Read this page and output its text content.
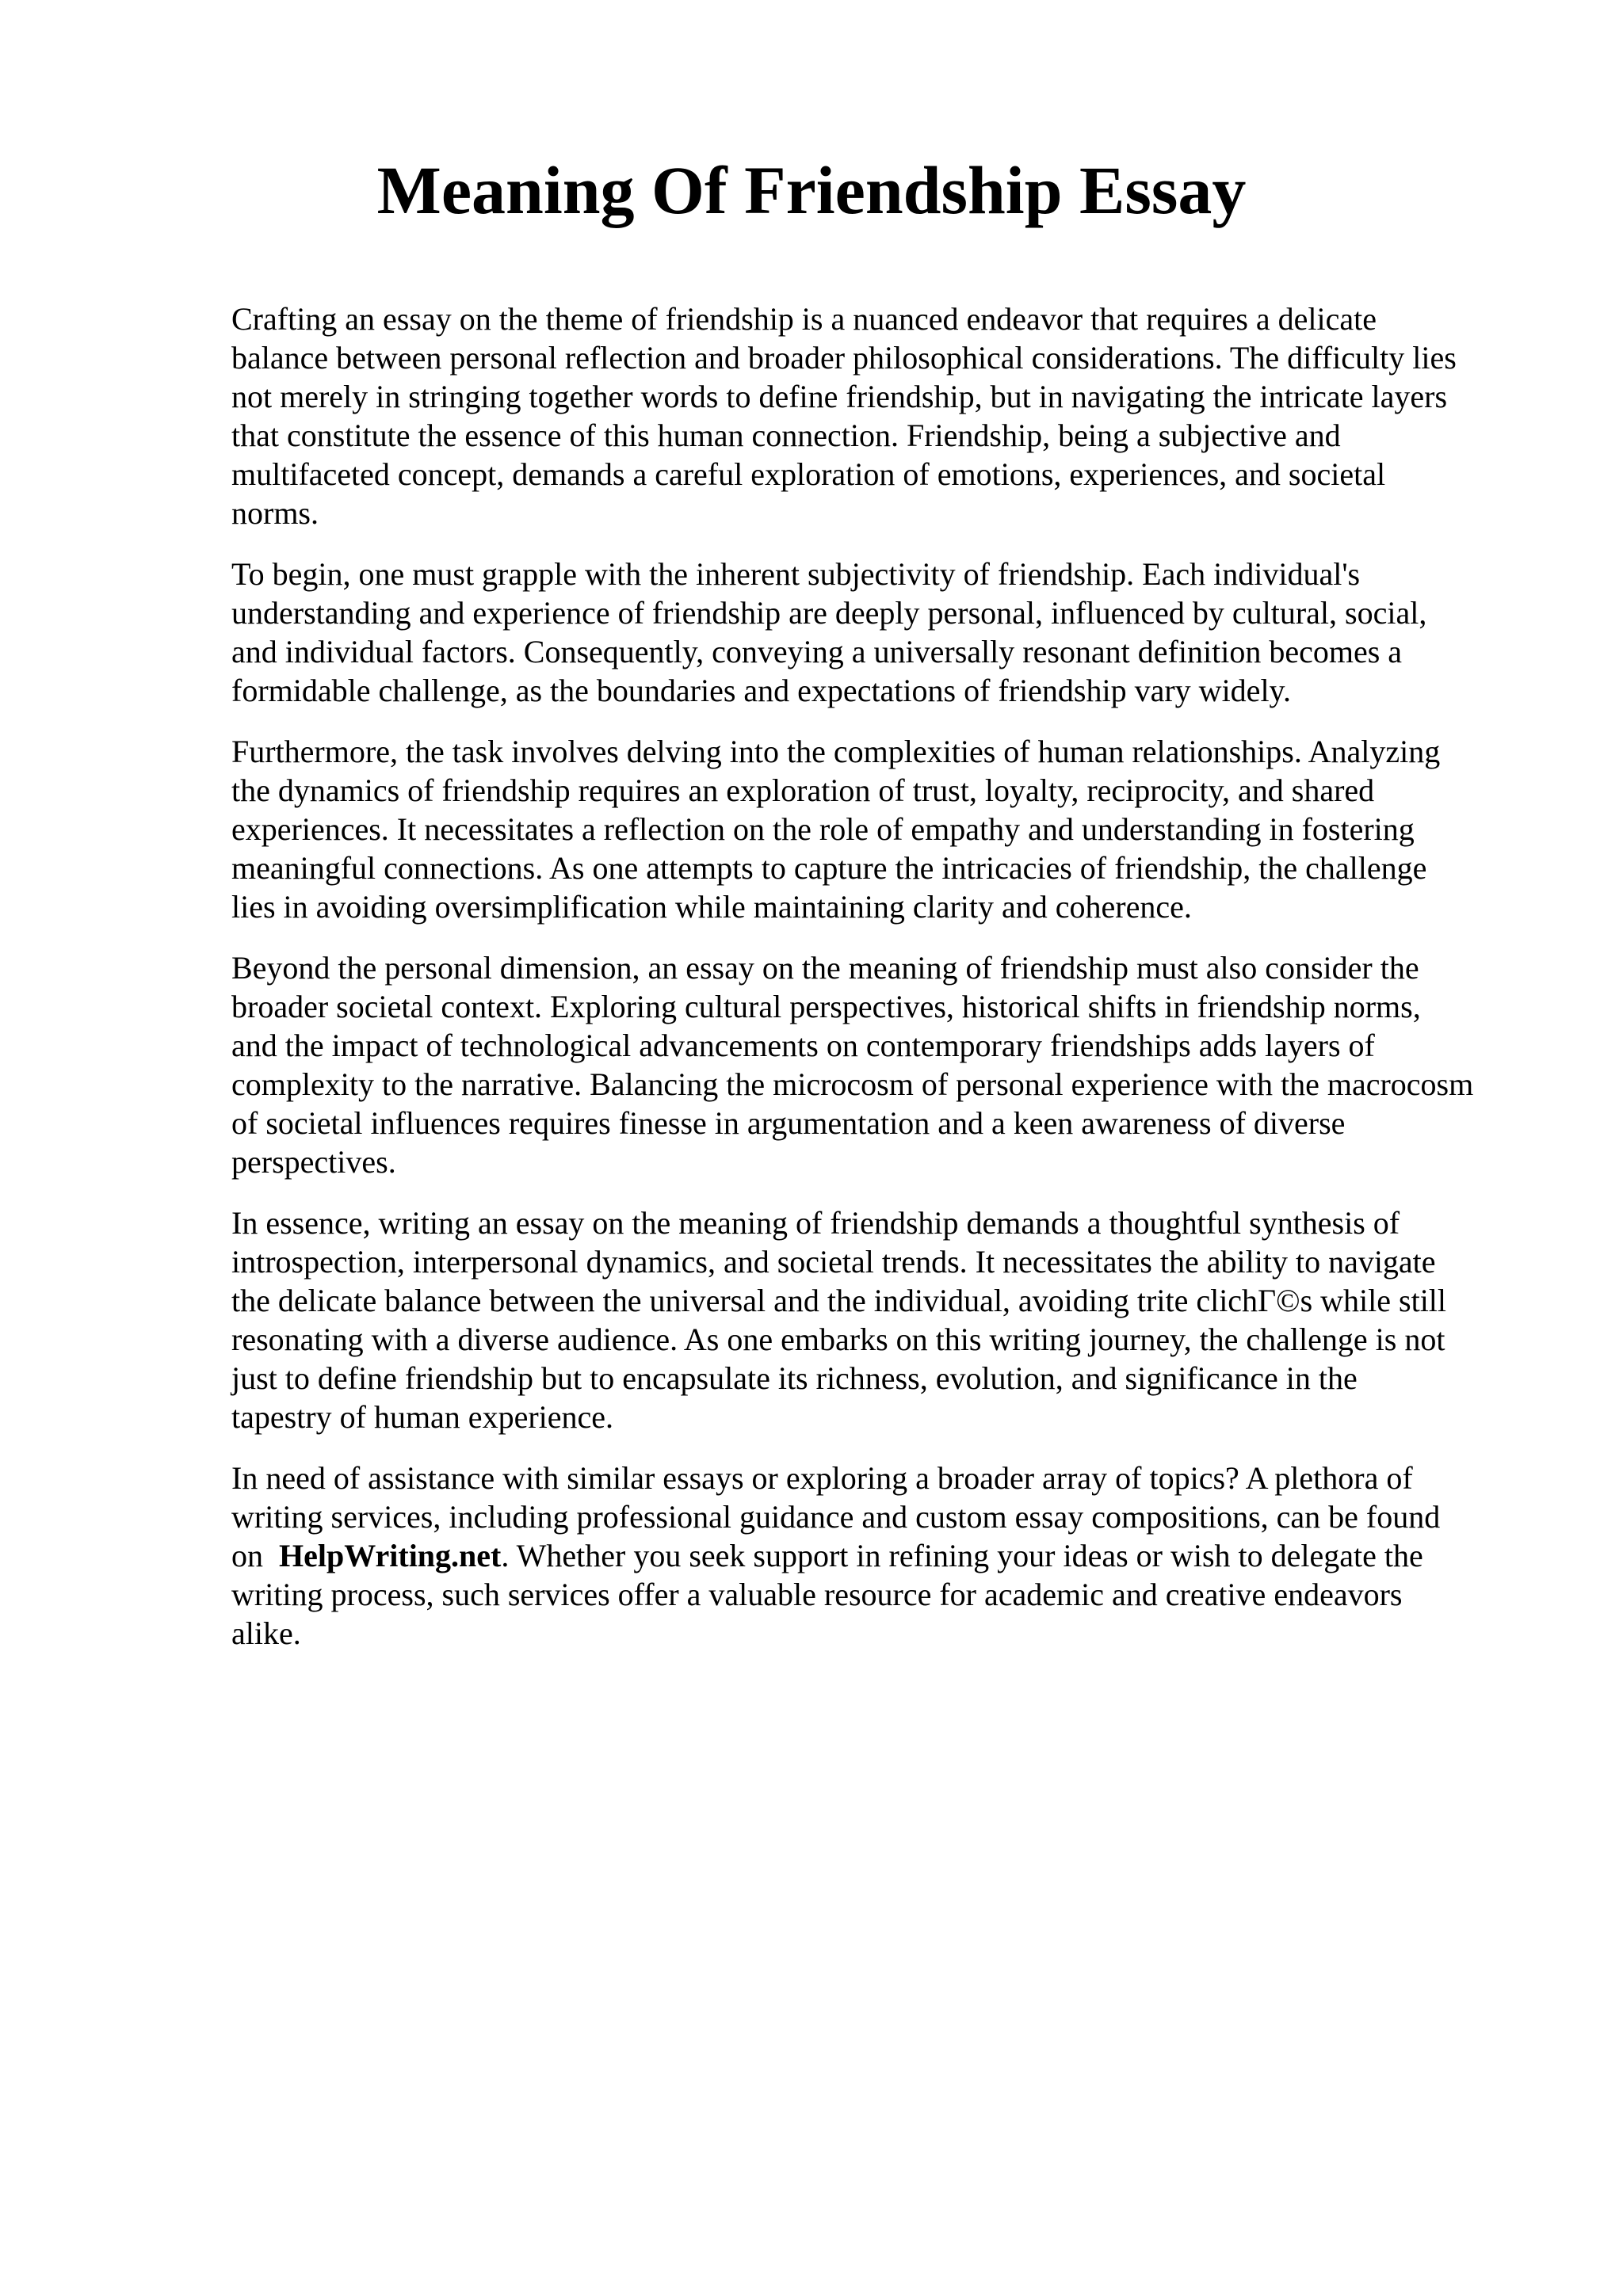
Meaning Of Friendship Essay

Crafting an essay on the theme of friendship is a nuanced endeavor that requires a delicate
balance between personal reflection and broader philosophical considerations. The difficulty lies
not merely in stringing together words to define friendship, but in navigating the intricate layers
that constitute the essence of this human connection. Friendship, being a subjective and
multifaceted concept, demands a careful exploration of emotions, experiences, and societal
norms.

To begin, one must grapple with the inherent subjectivity of friendship. Each individual's
understanding and experience of friendship are deeply personal, influenced by cultural, social,
and individual factors. Consequently, conveying a universally resonant definition becomes a
formidable challenge, as the boundaries and expectations of friendship vary widely.

Furthermore, the task involves delving into the complexities of human relationships. Analyzing
the dynamics of friendship requires an exploration of trust, loyalty, reciprocity, and shared
experiences. It necessitates a reflection on the role of empathy and understanding in fostering
meaningful connections. As one attempts to capture the intricacies of friendship, the challenge
lies in avoiding oversimplification while maintaining clarity and coherence.

Beyond the personal dimension, an essay on the meaning of friendship must also consider the
broader societal context. Exploring cultural perspectives, historical shifts in friendship norms,
and the impact of technological advancements on contemporary friendships adds layers of
complexity to the narrative. Balancing the microcosm of personal experience with the macrocosm
of societal influences requires finesse in argumentation and a keen awareness of diverse
perspectives.

In essence, writing an essay on the meaning of friendship demands a thoughtful synthesis of
introspection, interpersonal dynamics, and societal trends. It necessitates the ability to navigate
the delicate balance between the universal and the individual, avoiding trite clichГ©s while still
resonating with a diverse audience. As one embarks on this writing journey, the challenge is not
just to define friendship but to encapsulate its richness, evolution, and significance in the
tapestry of human experience.

In need of assistance with similar essays or exploring a broader array of topics? A plethora of
writing services, including professional guidance and custom essay compositions, can be found
on  HelpWriting.net. Whether you seek support in refining your ideas or wish to delegate the
writing process, such services offer a valuable resource for academic and creative endeavors
alike.
